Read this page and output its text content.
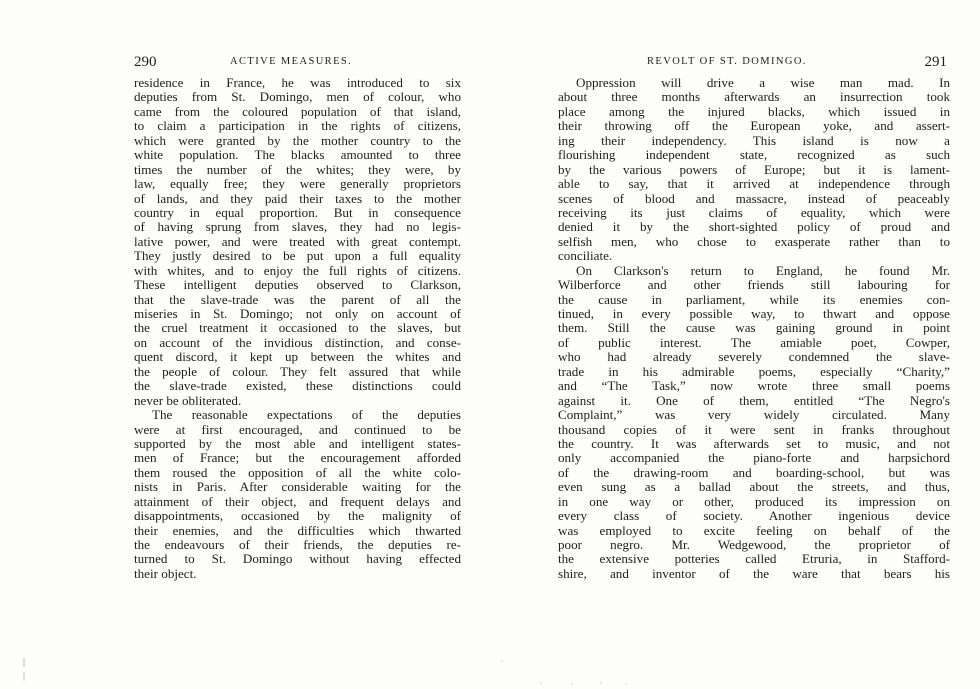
290	ACTIVE MEASURES.
residence in France, he was introduced to six
deputies from St. Domingo, men of colour, who
came from the coloured population of that island,
to claim a participation in the rights of citizens,
which were granted by the mother country to the
white population. The blacks amounted to three
times the number of the whites; they were, by
law, equally free; they were generally proprietors
of lands, and they paid their taxes to the mother
country in equal proportion. But in consequence
of having sprung from slaves, they had no legis-
lative power, and were treated with great contempt.
They justly desired to be put upon a full equality
with whites, and to enjoy the full rights of citizens.
These intelligent deputies observed to Clarkson,
that the slave-trade was the parent of all the
miseries in St. Domingo; not only on account of
the cruel treatment it occasioned to the slaves, but
on account of the invidious distinction, and conse-
quent discord, it kept up between the whites and
the people of colour. They felt assured that while
the slave-trade existed, these distinctions could
never be obliterated.
The reasonable expectations of the deputies
were at first encouraged, and continued to be
supported by the most able and intelligent states-
men of France; but the encouragement afforded
them roused the opposition of all the white colo-
nists in Paris. After considerable waiting for the
attainment of their object, and frequent delays and
disappointments, occasioned by the malignity of
their enemies, and the difficulties which thwarted
the endeavours of their friends, the deputies re-
turned to St. Domingo without having effected
their object.
REVOLT OF ST. DOMINGO.	291
Oppression will drive a wise man mad. In
about three months afterwards an insurrection took
place among the injured blacks, which issued in
their throwing off the European yoke, and assert-
ing their independency. This island is now a
flourishing independent state, recognized as such
by the various powers of Europe; but it is lament-
able to say, that it arrived at independence through
scenes of blood and massacre, instead of peaceably
receiving its just claims of equality, which were
denied it by the short-sighted policy of proud and
selfish men, who chose to exasperate rather than to
conciliate.
On Clarkson's return to England, he found Mr.
Wilberforce and other friends still labouring for
the cause in parliament, while its enemies con-
tinued, in every possible way, to thwart and oppose
them. Still the cause was gaining ground in point
of public interest. The amiable poet, Cowper,
who had already severely condemned the slave-
trade in his admirable poems, especially “Charity,”
and “The Task,” now wrote three small poems
against it. One of them, entitled “The Negro's
Complaint,” was very widely circulated. Many
thousand copies of it were sent in franks throughout
the country. It was afterwards set to music, and not
only accompanied the piano-forte and harpsichord
of the drawing-room and boarding-school, but was
even sung as a ballad about the streets, and thus,
in one way or other, produced its impression on
every class of society. Another ingenious device
was employed to excite feeling on behalf of the
poor negro. Mr. Wedgewood, the proprietor of
the extensive potteries called Etruria, in Stafford-
shire, and inventor of the ware that bears his
